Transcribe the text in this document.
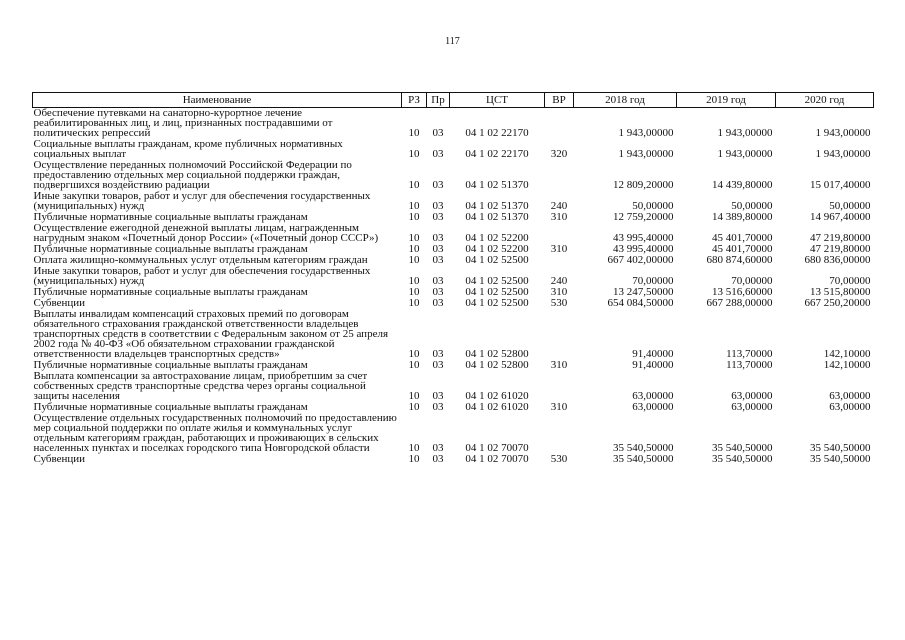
117
Наименование	РЗ	Пр	ЦСТ	ВР	2018 год	2019 год	2020 год
Обеспечение путевками на санаторно-курортное лечение реабилитированных лиц, и лиц, признанных пострадавшими от политических репрессий	10	03	04 1 02 22170		1 943,00000	1 943,00000	1 943,00000
Социальные выплаты гражданам, кроме публичных нормативных социальных выплат	10	03	04 1 02 22170	320	1 943,00000	1 943,00000	1 943,00000
Осуществление переданных полномочий Российской Федерации по предоставлению отдельных мер социальной поддержки граждан, подвергшихся воздействию радиации	10	03	04 1 02 51370		12 809,20000	14 439,80000	15 017,40000
Иные закупки товаров, работ и услуг для обеспечения государственных (муниципальных) нужд	10	03	04 1 02 51370	240	50,00000	50,00000	50,00000
Публичные нормативные социальные выплаты гражданам	10	03	04 1 02 51370	310	12 759,20000	14 389,80000	14 967,40000
Осуществление ежегодной денежной выплаты лицам, награжденным нагрудным знаком «Почетный донор России» («Почетный донор СССР»)	10	03	04 1 02 52200		43 995,40000	45 401,70000	47 219,80000
Публичные нормативные социальные выплаты гражданам	10	03	04 1 02 52200	310	43 995,40000	45 401,70000	47 219,80000
Оплата жилищно-коммунальных услуг отдельным категориям граждан	10	03	04 1 02 52500		667 402,00000	680 874,60000	680 836,00000
Иные закупки товаров, работ и услуг для обеспечения государственных (муниципальных) нужд	10	03	04 1 02 52500	240	70,00000	70,00000	70,00000
Публичные нормативные социальные выплаты гражданам	10	03	04 1 02 52500	310	13 247,50000	13 516,60000	13 515,80000
Субвенции	10	03	04 1 02 52500	530	654 084,50000	667 288,00000	667 250,20000
Выплаты инвалидам компенсаций страховых премий по договорам обязательного страхования гражданской ответственности владельцев транспортных средств в соответствии с Федеральным законом от 25 апреля 2002 года № 40-ФЗ «Об обязательном страховании гражданской ответственности владельцев транспортных средств»	10	03	04 1 02 52800		91,40000	113,70000	142,10000
Публичные нормативные социальные выплаты гражданам	10	03	04 1 02 52800	310	91,40000	113,70000	142,10000
Выплата компенсации за автострахование лицам, приобретшим за счет собственных средств транспортные средства через органы социальной защиты населения	10	03	04 1 02 61020		63,00000	63,00000	63,00000
Публичные нормативные социальные выплаты гражданам	10	03	04 1 02 61020	310	63,00000	63,00000	63,00000
Осуществление отдельных государственных полномочий по предоставлению мер социальной поддержки по оплате жилья и коммунальных услуг отдельным категориям граждан, работающих и проживающих в сельских населенных пунктах и поселках городского типа Новгородской области	10	03	04 1 02 70070		35 540,50000	35 540,50000	35 540,50000
Субвенции	10	03	04 1 02 70070	530	35 540,50000	35 540,50000	35 540,50000
